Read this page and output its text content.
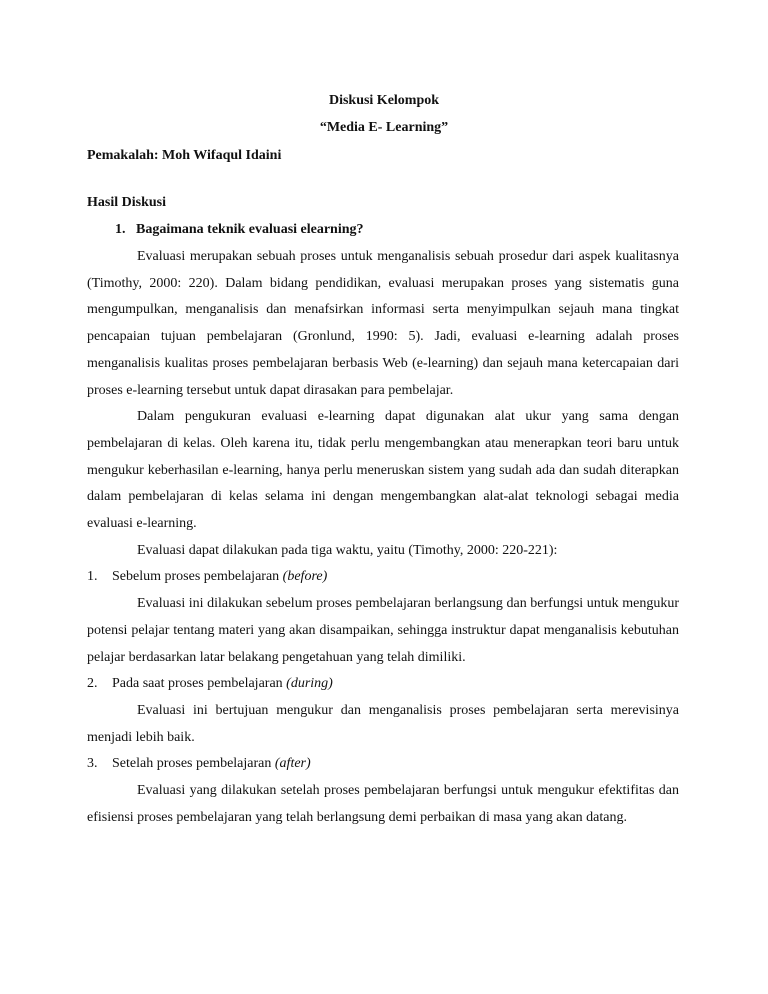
Diskusi Kelompok
“Media E- Learning”
Pemakalah: Moh Wifaqul Idaini
Hasil Diskusi
1. Bagaimana teknik evaluasi elearning?

Evaluasi merupakan sebuah proses untuk menganalisis sebuah prosedur dari aspek kualitasnya (Timothy, 2000: 220). Dalam bidang pendidikan, evaluasi merupakan proses yang sistematis guna mengumpulkan, menganalisis dan menafsirkan informasi serta menyimpulkan sejauh mana tingkat pencapaian tujuan pembelajaran (Gronlund, 1990: 5). Jadi, evaluasi e-learning adalah proses menganalisis kualitas proses pembelajaran berbasis Web (e-learning) dan sejauh mana ketercapaian dari proses e-learning tersebut untuk dapat dirasakan para pembelajar.

Dalam pengukuran evaluasi e-learning dapat digunakan alat ukur yang sama dengan pembelajaran di kelas. Oleh karena itu, tidak perlu mengembangkan atau menerapkan teori baru untuk mengukur keberhasilan e-learning, hanya perlu meneruskan sistem yang sudah ada dan sudah diterapkan dalam pembelajaran di kelas selama ini dengan mengembangkan alat-alat teknologi sebagai media evaluasi e-learning.

Evaluasi dapat dilakukan pada tiga waktu, yaitu (Timothy, 2000: 220-221):

1.	Sebelum proses pembelajaran (before)

Evaluasi ini dilakukan sebelum proses pembelajaran berlangsung dan berfungsi untuk mengukur potensi pelajar tentang materi yang akan disampaikan, sehingga instruktur dapat menganalisis kebutuhan pelajar berdasarkan latar belakang pengetahuan yang telah dimiliki.

2.	Pada saat proses pembelajaran (during)

Evaluasi ini bertujuan mengukur dan menganalisis proses pembelajaran serta merevisinya menjadi lebih baik.

3.	Setelah proses pembelajaran (after)

Evaluasi yang dilakukan setelah proses pembelajaran berfungsi untuk mengukur efektifitas dan efisiensi proses pembelajaran yang telah berlangsung demi perbaikan di masa yang akan datang.
